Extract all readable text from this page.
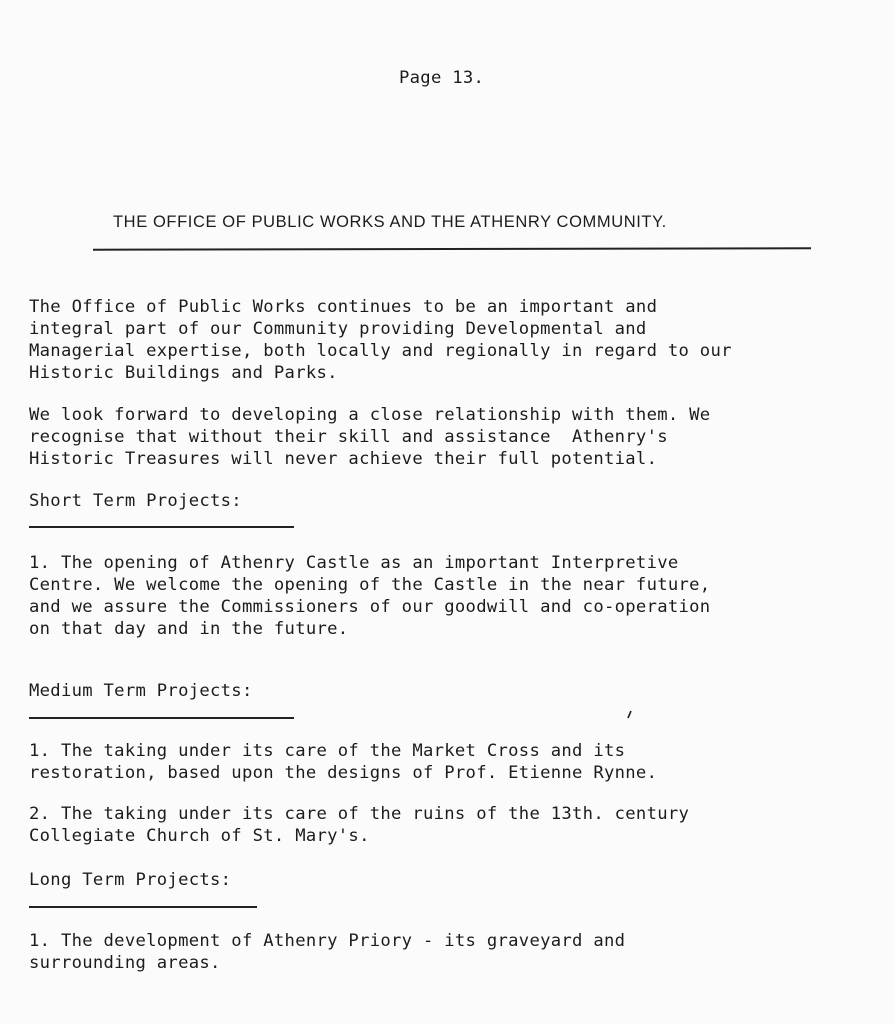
Page 13.
THE OFFICE OF PUBLIC WORKS AND THE ATHENRY COMMUNITY.
The Office of Public Works continues to be an important and
integral part of our Community providing Developmental and
Managerial expertise, both locally and regionally in regard to our
Historic Buildings and Parks.
We look forward to developing a close relationship with them. We
recognise that without their skill and assistance  Athenry's
Historic Treasures will never achieve their full potential.
Short Term Projects:
1. The opening of Athenry Castle as an important Interpretive
Centre. We welcome the opening of the Castle in the near future,
and we assure the Commissioners of our goodwill and co-operation
on that day and in the future.
Medium Term Projects:
1. The taking under its care of the Market Cross and its
restoration, based upon the designs of Prof. Etienne Rynne.
2. The taking under its care of the ruins of the 13th. century
Collegiate Church of St. Mary's.
Long Term Projects:
1. The development of Athenry Priory - its graveyard and
surrounding areas.
